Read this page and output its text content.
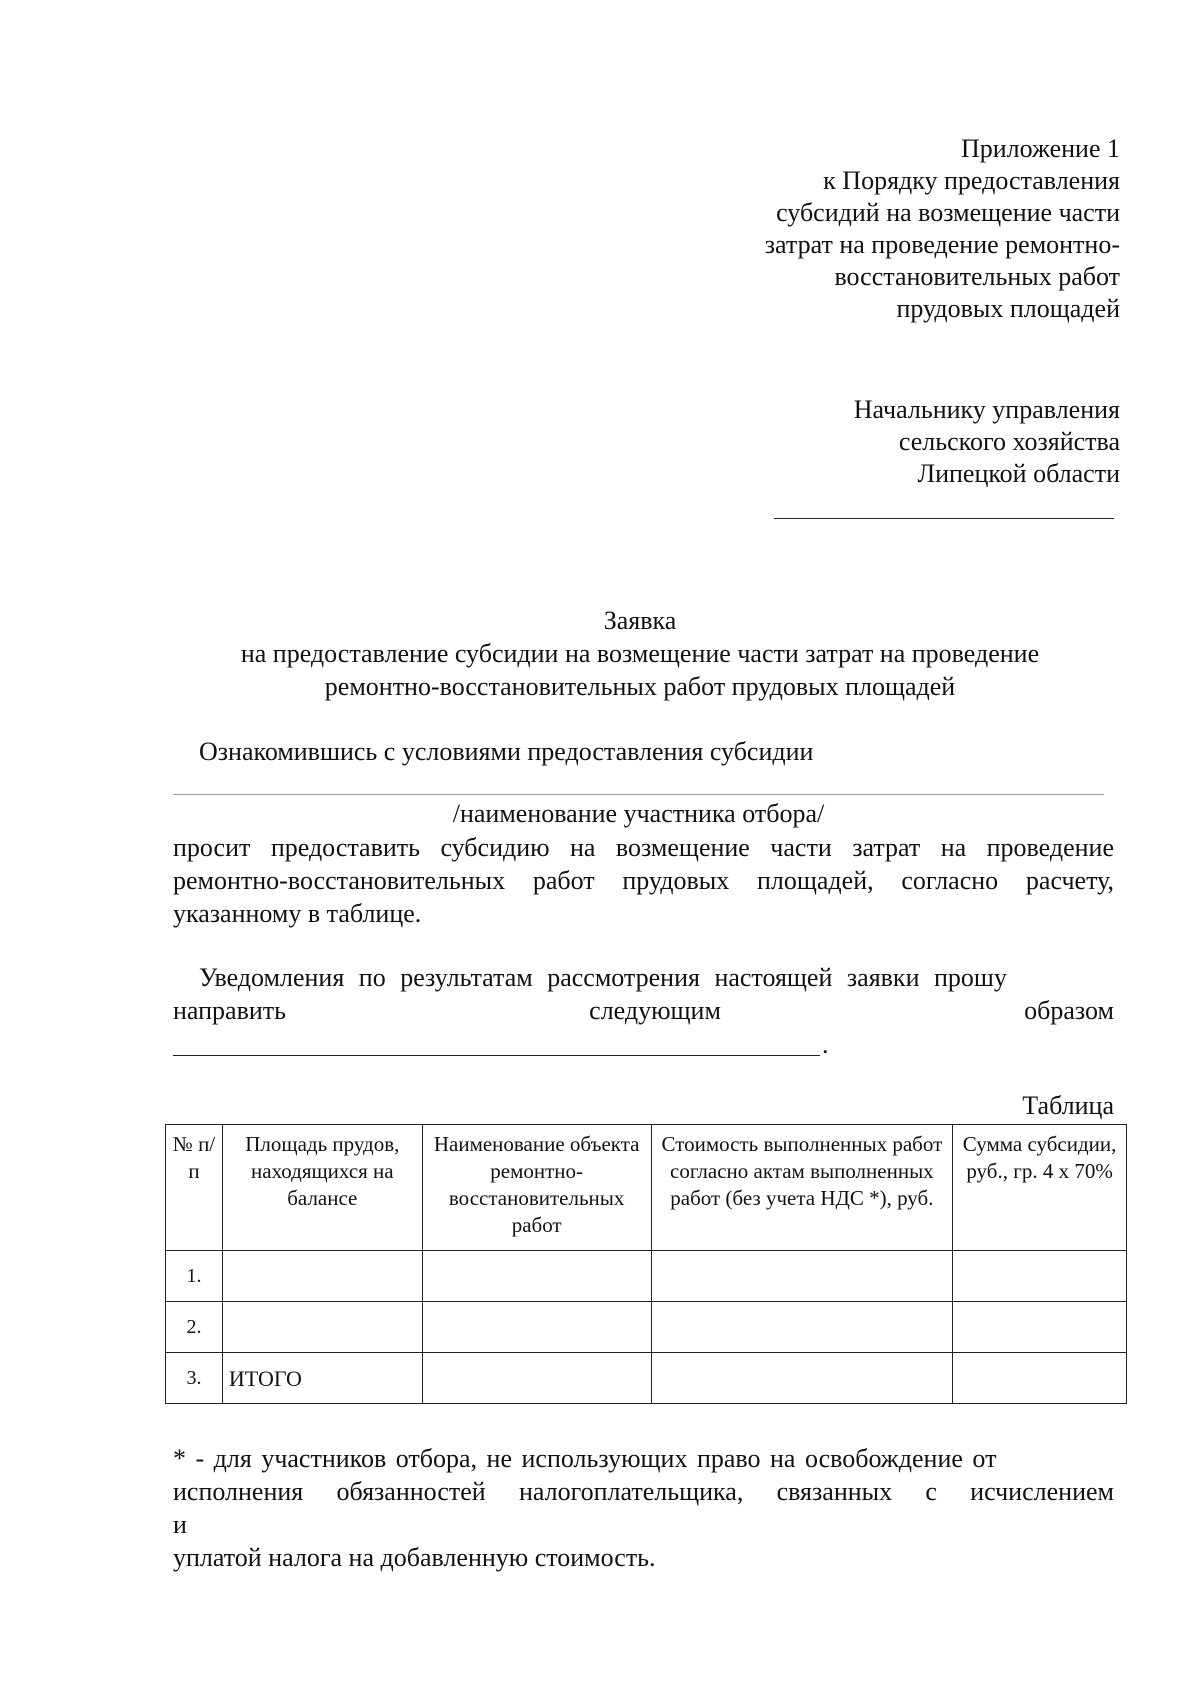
Приложение 1
к Порядку предоставления
субсидий на возмещение части
затрат на проведение ремонтно-
восстановительных работ
прудовых площадей
Начальнику управления
сельского хозяйства
Липецкой области
Заявка
на предоставление субсидии на возмещение части затрат на проведение
ремонтно-восстановительных работ прудовых площадей
Ознакомившись с условиями предоставления субсидии
/наименование участника отбора/
просит предоставить субсидию на возмещение части затрат на проведение ремонтно-восстановительных работ прудовых площадей, согласно расчету, указанному в таблице.
Уведомления по результатам рассмотрения настоящей заявки прошу
направить	следующим	образом
.
Таблица
№ п/п	Площадь прудов, находящихся на балансе	Наименование объекта ремонтно-восстановительных работ	Стоимость выполненных работ согласно актам выполненных работ (без учета НДС *), руб.	Сумма субсидии, руб., гр. 4 х 70%
1.				
2.				
3.	ИТОГО			
* - для участников отбора, не использующих право на освобождение от
исполнения обязанностей налогоплательщика, связанных с исчислением
и
уплатой налога на добавленную стоимость.
